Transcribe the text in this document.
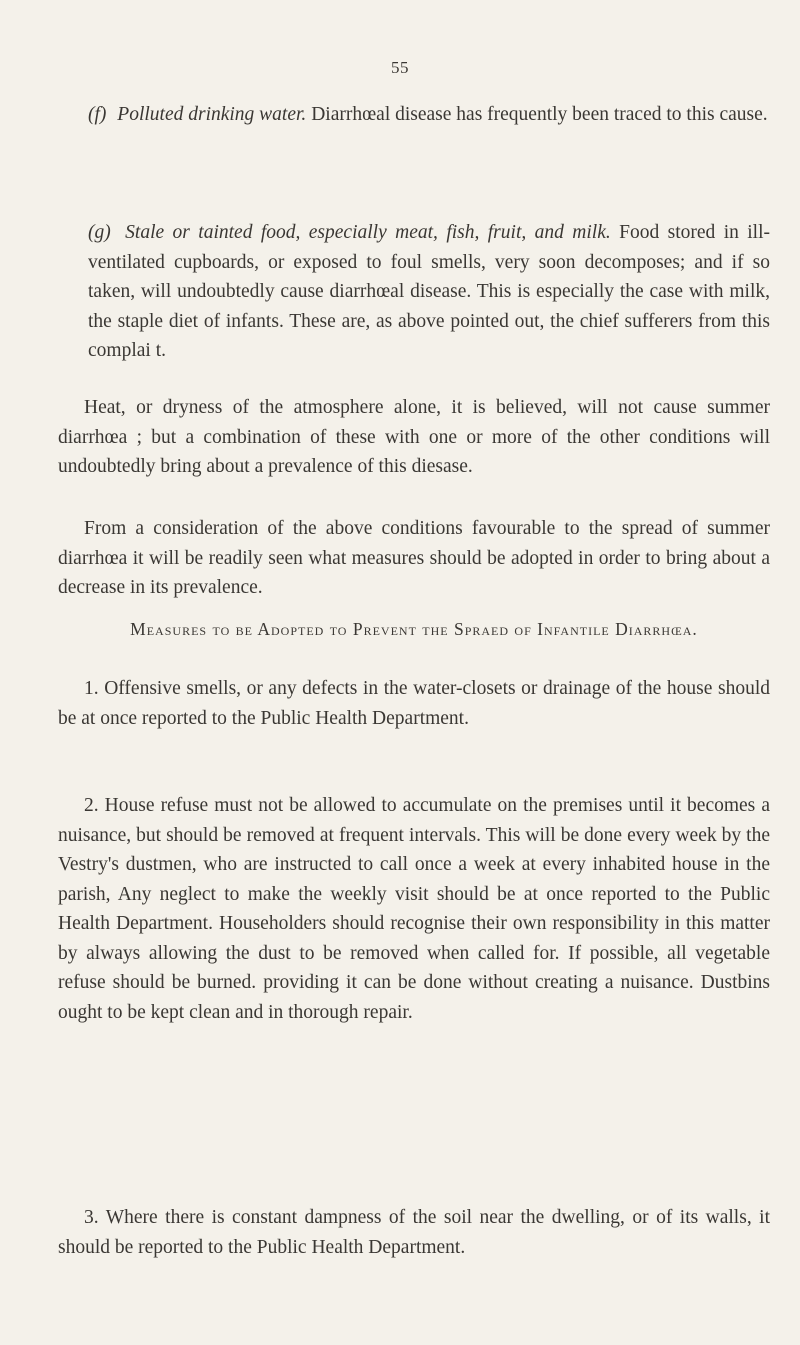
55
(f) Polluted drinking water. Diarrhœal disease has frequently been traced to this cause.
(g) Stale or tainted food, especially meat, fish, fruit, and milk. Food stored in ill-ventilated cupboards, or exposed to foul smells, very soon decomposes; and if so taken, will undoubtedly cause diarrhœal disease. This is especially the case with milk, the staple diet of infants. These are, as above pointed out, the chief sufferers from this complai t.

Heat, or dryness of the atmosphere alone, it is believed, will not cause summer diarrhœa ; but a combination of these with one or more of the other conditions will undoubtedly bring about a prevalence of this diesase.

From a consideration of the above conditions favourable to the spread of summer diarrhœa it will be readily seen what measures should be adopted in order to bring about a decrease in its prevalence.

Measures to be Adopted to Prevent the Spraed of Infantile Diarrhœa.

1. Offensive smells, or any defects in the water-closets or drainage of the house should be at once reported to the Public Health Department.

2. House refuse must not be allowed to accumulate on the premises until it becomes a nuisance, but should be removed at frequent intervals. This will be done every week by the Vestry's dustmen, who are instructed to call once a week at every inhabited house in the parish, Any neglect to make the weekly visit should be at once reported to the Public Health Department. Householders should recognise their own responsibility in this matter by always allowing the dust to be removed when called for. If possible, all vegetable refuse should be burned. providing it can be done without creating a nuisance. Dustbins ought to be kept clean and in thorough repair.

3. Where there is constant dampness of the soil near the dwelling, or of its walls, it should be reported to the Public Health Department.
